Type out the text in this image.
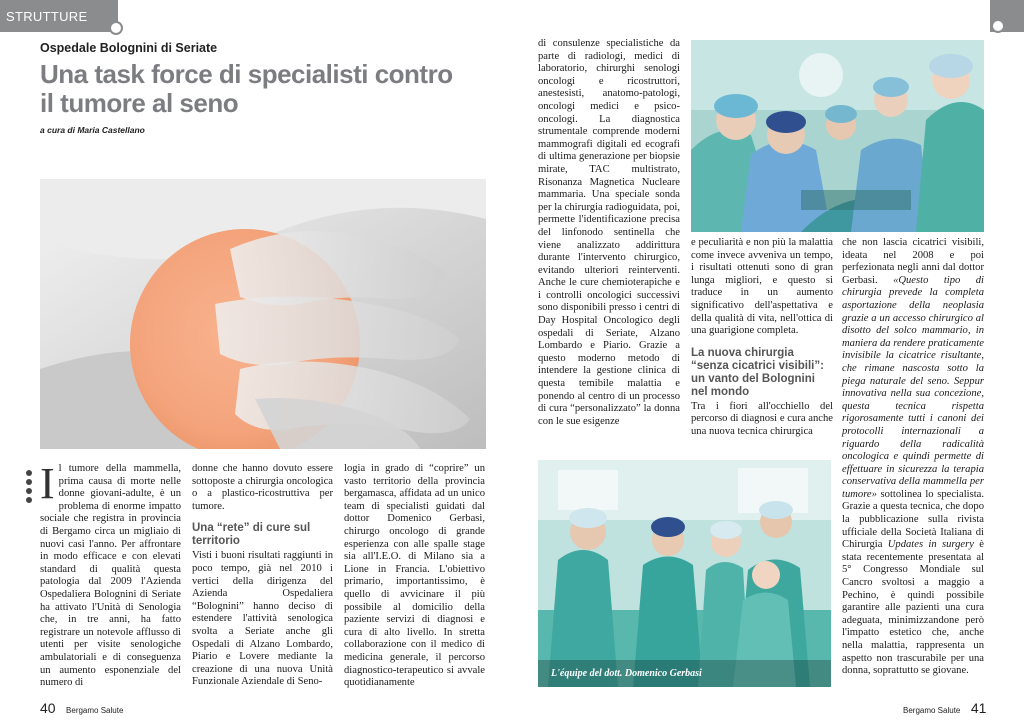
STRUTTURE
Ospedale Bolognini di Seriate
Una task force di specialisti contro il tumore al seno
a cura di Maria Castellano

Il tumore della mammella, prima causa di morte nelle donne giovani-adulte, è un problema di enorme impatto sociale che registra in provincia di Bergamo circa un migliaio di nuovi casi l'anno. Per affrontare in modo efficace e con elevati standard di qualità questa patologia dal 2009 l'Azienda Ospedaliera Bolognini di Seriate ha attivato l'Unità di Senologia che, in tre anni, ha fatto registrare un notevole afflusso di utenti per visite senologiche ambulatoriali e di conseguenza un aumento esponenziale del numero di

donne che hanno dovuto essere sottoposte a chirurgia oncologica o a plastico-ricostruttiva per tumore.

Una “rete” di cure sul territorio

Visti i buoni risultati raggiunti in poco tempo, già nel 2010 i vertici della dirigenza del Azienda Ospedaliera “Bolognini” hanno deciso di estendere l'attività senologica svolta a Seriate anche gli Ospedali di Alzano Lombardo, Piario e Lovere mediante la creazione di una nuova Unità Funzionale Aziendale di Seno-

logia in grado di “coprire” un vasto territorio della provincia bergamasca, affidata ad un unico team di specialisti guidati dal dottor Domenico Gerbasi, chirurgo oncologo di grande esperienza con alle spalle stage sia all'I.E.O. di Milano sia a Lione in Francia. L'obiettivo primario, importantissimo, è quello di avvicinare il più possibile al domicilio della paziente servizi di diagnosi e cura di alto livello. In stretta collaborazione con il medico di medicina generale, il percorso diagnostico-terapeutico si avvale quotidianamente

di consulenze specialistiche da parte di radiologi, medici di laboratorio, chirurghi senologi oncologi e ricostruttori, anestesisti, anatomo-patologi, oncologi medici e psico-oncologi. La diagnostica strumentale comprende moderni mammografi digitali ed ecografi di ultima generazione per biopsie mirate, TAC multistrato, Risonanza Magnetica Nucleare mammaria. Una speciale sonda per la chirurgia radioguidata, poi, permette l'identificazione precisa del linfonodo sentinella che viene analizzato addirittura durante l'intervento chirurgico, evitando ulteriori reinterventi. Anche le cure chemioterapiche e i controlli oncologici successivi sono disponibili presso i centri di Day Hospital Oncologico degli ospedali di Seriate, Alzano Lombardo e Piario. Grazie a questo moderno metodo di intendere la gestione clinica di questa temibile malattia e ponendo al centro di un processo di cura “personalizzato” la donna con le sue esigenze

e peculiarità e non più la malattia come invece avveniva un tempo, i risultati ottenuti sono di gran lunga migliori, e questo si traduce in un aumento significativo dell'aspettativa e della qualità di vita, nell'ottica di una guarigione completa.

La nuova chirurgia “senza cicatrici visibili”: un vanto del Bolognini nel mondo

Tra i fiori all'occhiello del percorso di diagnosi e cura anche una nuova tecnica chirurgica

che non lascia cicatrici visibili, ideata nel 2008 e poi perfezionata negli anni dal dottor Gerbasi. «Questo tipo di chirurgia prevede la completa asportazione della neoplasia grazie a un accesso chirurgico al disotto del solco mammario, in maniera da rendere praticamente invisibile la cicatrice risultante, che rimane nascosta sotto la piega naturale del seno. Seppur innovativa nella sua concezione, questa tecnica rispetta rigorosamente tutti i canoni dei protocolli internazionali a riguardo della radicalità oncologica e quindi permette di effettuare in sicurezza la terapia conservativa della mammella per tumore» sottolinea lo specialista. Grazie a questa tecnica, che dopo la pubblicazione sulla rivista ufficiale della Società Italiana di Chirurgia Updates in surgery è stata recentemente presentata al 5° Congresso Mondiale sul Cancro svoltosi a maggio a Pechino, è quindi possibile garantire alle pazienti una cura adeguata, minimizzandone però l'impatto estetico che, anche nella malattia, rappresenta un aspetto non trascurabile per una donna, soprattutto se giovane.

L'équipe del dott. Domenico Gerbasi
40 Bergamo Salute	Bergamo Salute 41
